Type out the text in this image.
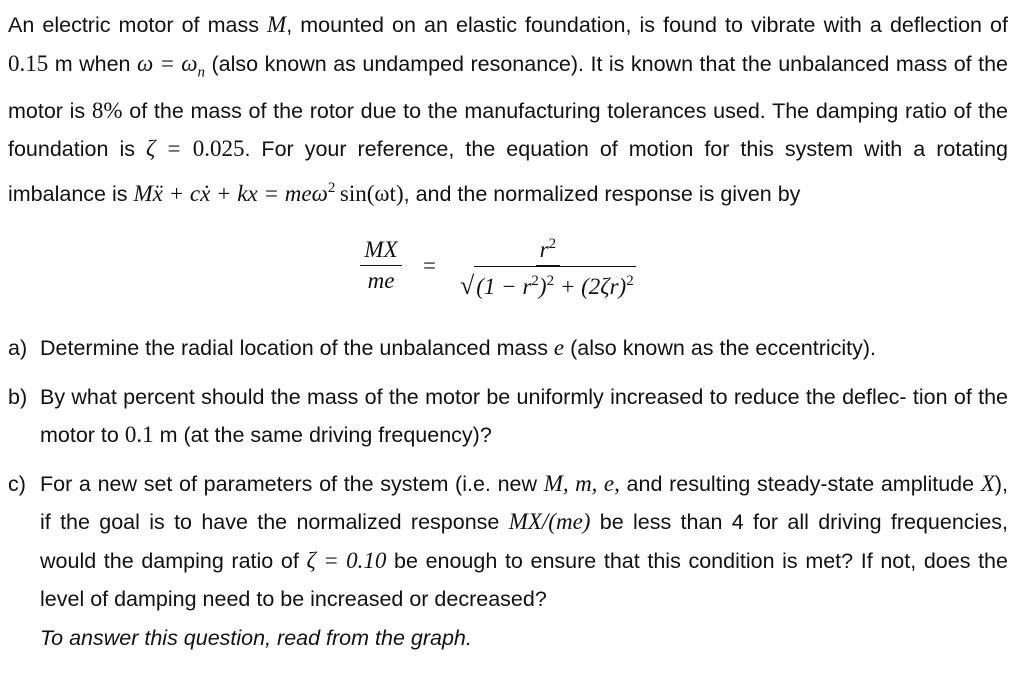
An electric motor of mass M, mounted on an elastic foundation, is found to vibrate with a deflection of 0.15 m when $\omega = \omega_n$ (also known as undamped resonance). It is known that the unbalanced mass of the motor is 8% of the mass of the rotor due to the manufacturing tolerances used. The damping ratio of the foundation is ζ = 0.025. For your reference, the equation of motion for this system with a rotating imbalance is Mẍ + cẋ + kx = meω$^2$  sin(ωt), and the normalized response is given by

$\frac{MX}{me} = \frac{r^2}{√ (1 - r^2)^2 + (2\zeta r)^2}$
a) Determine the radial location of the unbalanced mass e (also known as the eccentricity).
b) By what percent should the mass of the motor be uniformly increased to reduce the deflec- tion of the motor to 0.1 m (at the same driving frequency)?
c) For a new set of parameters of the system (i.e. new M, m, e, and resulting steady-state amplitude X), if the goal is to have the normalized response MX/(me) be less than 4 for all driving frequencies, would the damping ratio of ζ = 0.10 be enough to ensure that this condition is met? If not, does the level of damping need to be increased or decreased?
To answer this question, read from the graph.
